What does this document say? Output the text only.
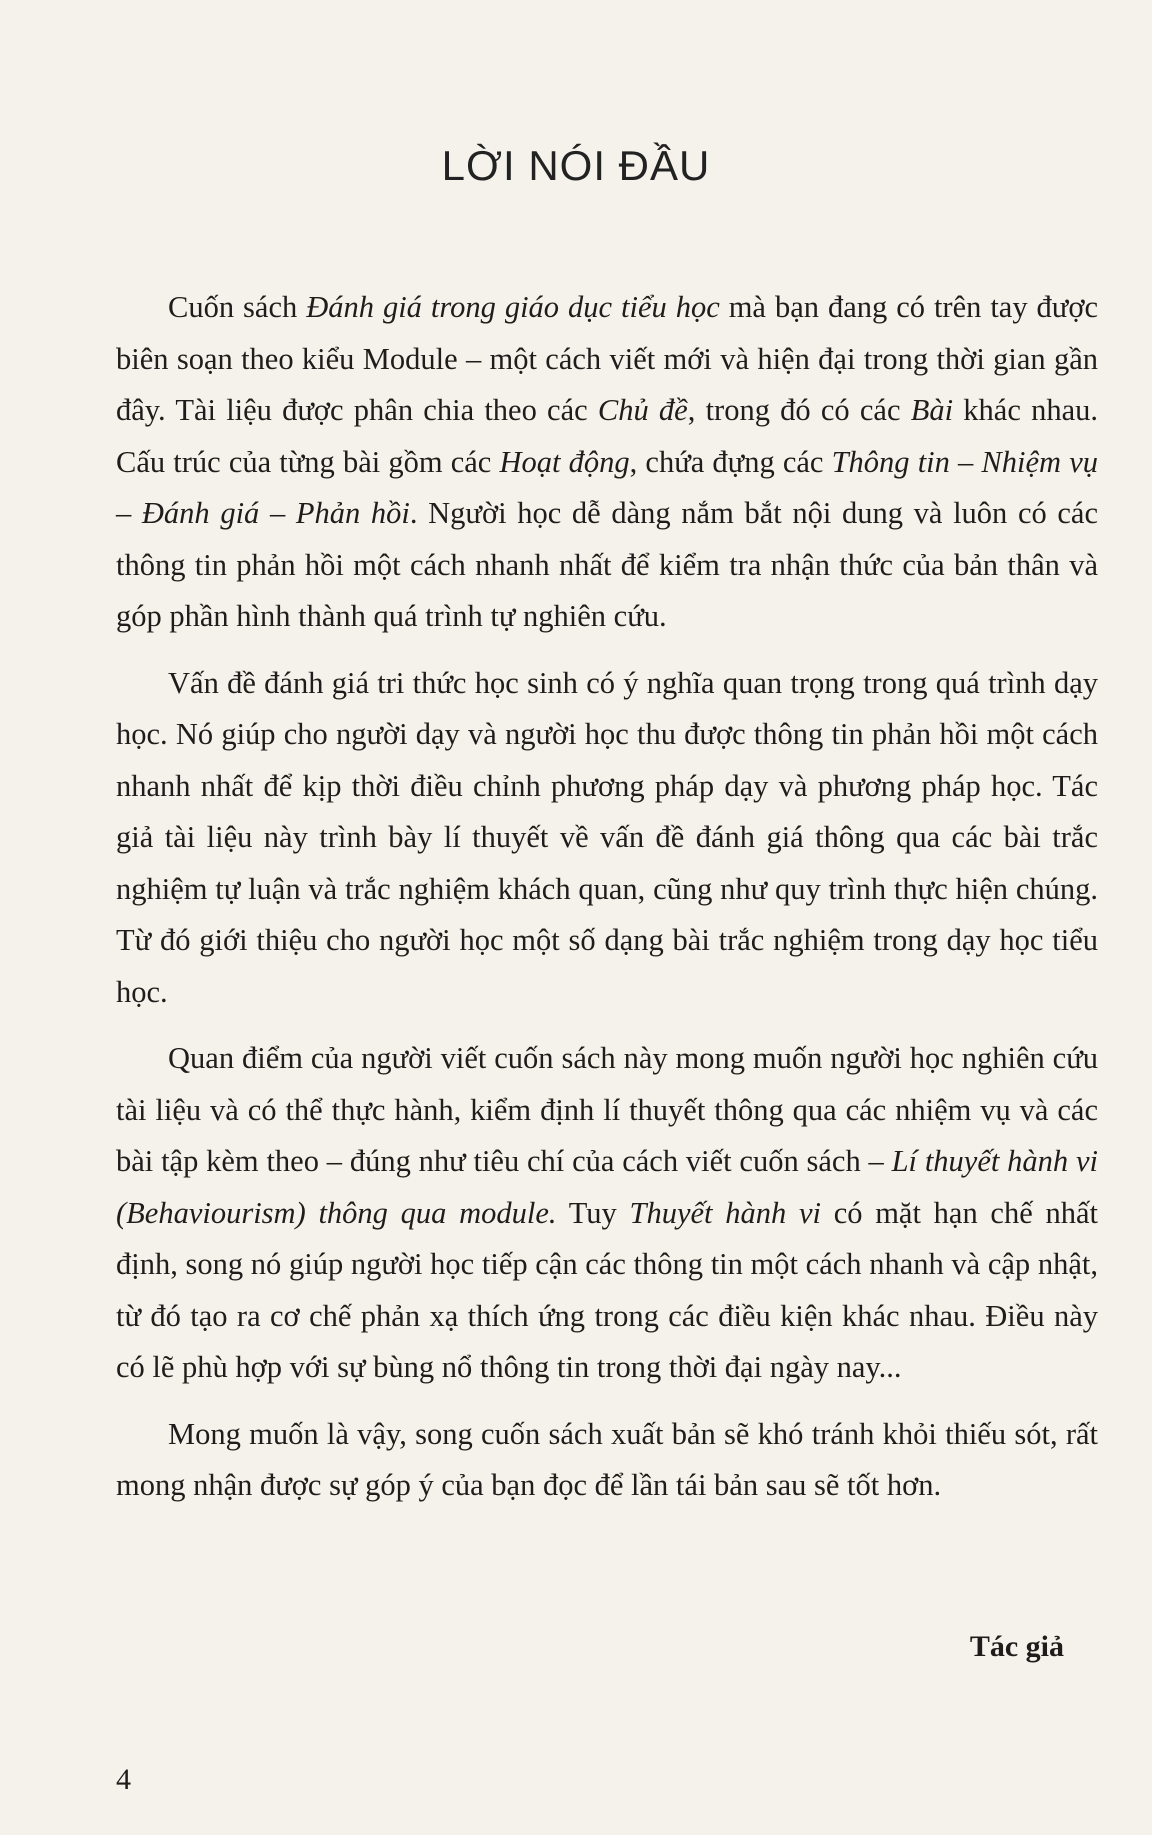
LỜI NÓI ĐẦU

Cuốn sách Đánh giá trong giáo dục tiểu học mà bạn đang có trên tay được biên soạn theo kiểu Module – một cách viết mới và hiện đại trong thời gian gần đây. Tài liệu được phân chia theo các Chủ đề, trong đó có các Bài khác nhau. Cấu trúc của từng bài gồm các Hoạt động, chứa đựng các Thông tin – Nhiệm vụ – Đánh giá – Phản hồi. Người học dễ dàng nắm bắt nội dung và luôn có các thông tin phản hồi một cách nhanh nhất để kiểm tra nhận thức của bản thân và góp phần hình thành quá trình tự nghiên cứu.

Vấn đề đánh giá tri thức học sinh có ý nghĩa quan trọng trong quá trình dạy học. Nó giúp cho người dạy và người học thu được thông tin phản hồi một cách nhanh nhất để kịp thời điều chỉnh phương pháp dạy và phương pháp học. Tác giả tài liệu này trình bày lí thuyết về vấn đề đánh giá thông qua các bài trắc nghiệm tự luận và trắc nghiệm khách quan, cũng như quy trình thực hiện chúng. Từ đó giới thiệu cho người học một số dạng bài trắc nghiệm trong dạy học tiểu học.

Quan điểm của người viết cuốn sách này mong muốn người học nghiên cứu tài liệu và có thể thực hành, kiểm định lí thuyết thông qua các nhiệm vụ và các bài tập kèm theo – đúng như tiêu chí của cách viết cuốn sách – Lí thuyết hành vi (Behaviourism) thông qua module. Tuy Thuyết hành vi có mặt hạn chế nhất định, song nó giúp người học tiếp cận các thông tin một cách nhanh và cập nhật, từ đó tạo ra cơ chế phản xạ thích ứng trong các điều kiện khác nhau. Điều này có lẽ phù hợp với sự bùng nổ thông tin trong thời đại ngày nay...

Mong muốn là vậy, song cuốn sách xuất bản sẽ khó tránh khỏi thiếu sót, rất mong nhận được sự góp ý của bạn đọc để lần tái bản sau sẽ tốt hơn.

Tác giả
4
